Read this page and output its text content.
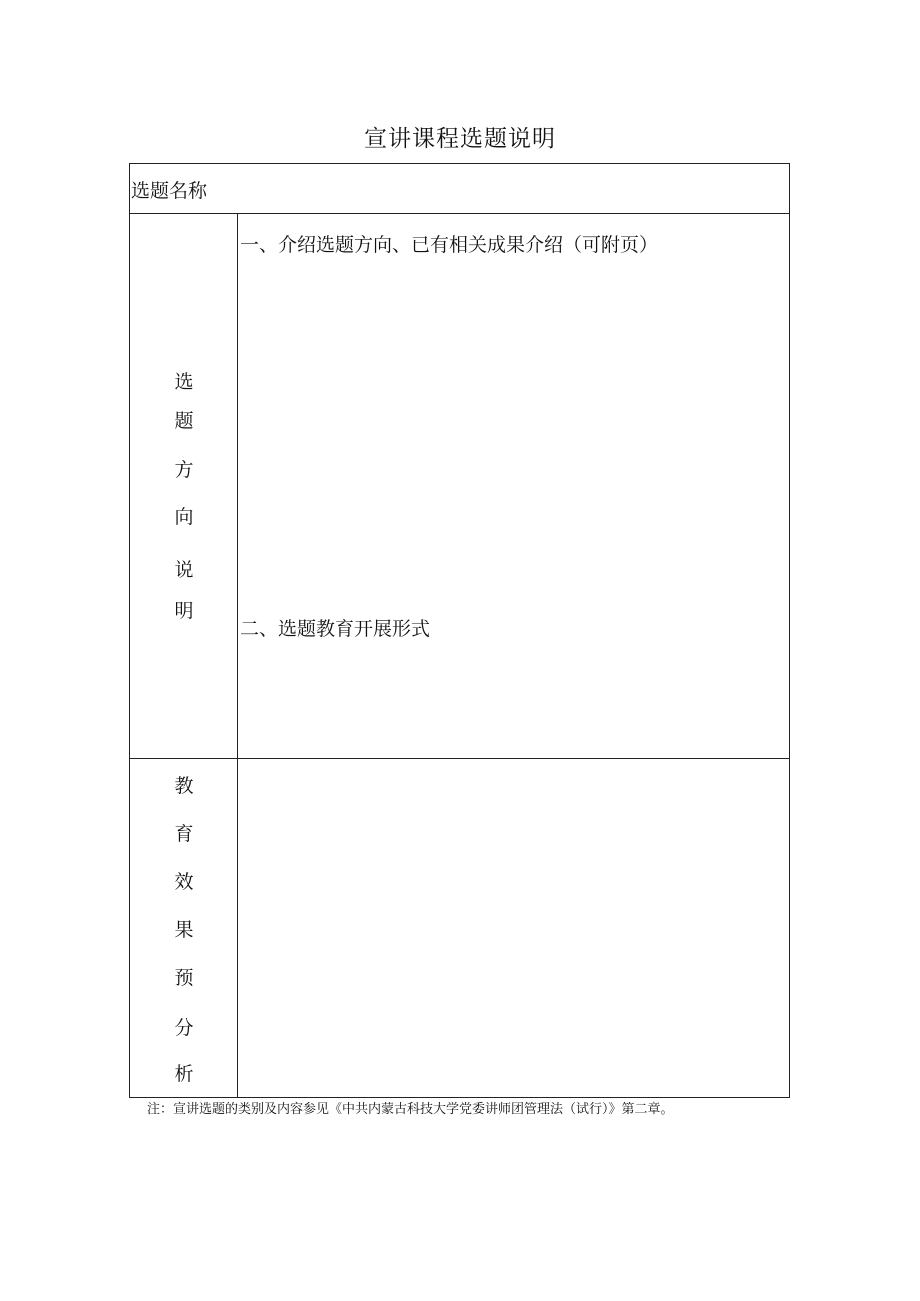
宣讲课程选题说明
选题名称
选
题
方
向
说
明
一、介绍选题方向、已有相关成果介绍（可附页）
二、选题教育开展形式
教
育
效
果
预
分
析
注：宣讲选题的类别及内容参见《中共内蒙古科技大学党委讲师团管理法（试行）》第二章。
